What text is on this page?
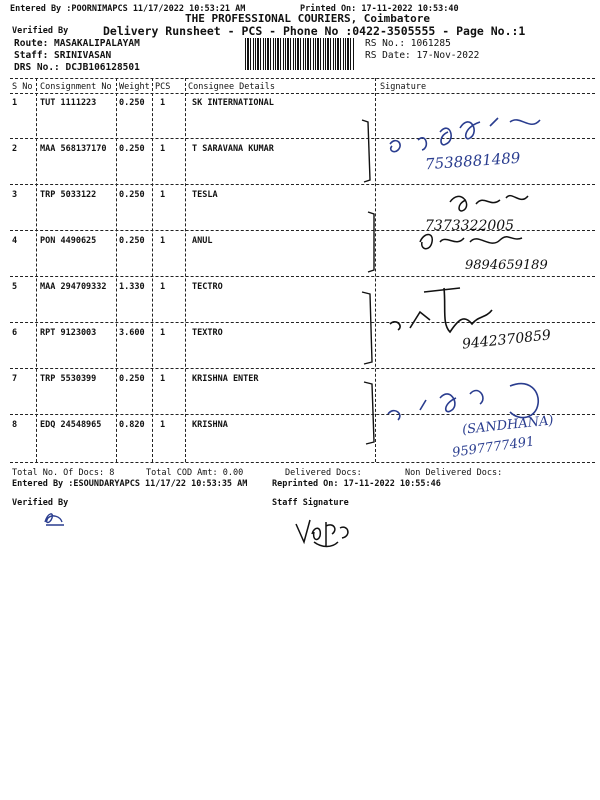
Entered By :POORNIMAPCS 11/17/2022 10:53:21 AM	Printed On: 17-11-2022 10:53:40
THE PROFESSIONAL COURIERS, Coimbatore
Verified By	Delivery Runsheet - PCS - Phone No :0422-3505555 - Page No.:1
Route: MASAKALIPALAYAM
Staff: SRINIVASAN
DRS No.: DCJB106128501
RS No.: 1061285
RS Date: 17-Nov-2022
S No Consignment No Weight PCS Consignee Details	Signature
1	TUT 1111223	0.250 1	SK INTERNATIONAL
2	MAA 568137170 0.250 1	T SARAVANA KUMAR
3	TRP 5033122	0.250 1	TESLA
4	PON 4490625	0.250 1	ANUL
5	MAA 294709332 1.330 1	TECTRO
6	RPT 9123003	3.600 1	TEXTRO
7	TRP 5530399	0.250 1	KRISHNA ENTER
8	EDQ 24548965 0.820 1	KRISHNA
Total No. Of Docs: 8	Total COD Amt: 0.00	Delivered Docs:	Non Delivered Docs:
Entered By :ESOUNDARYAPCS 11/17/22 10:53:35 AM	Reprinted On: 17-11-2022 10:55:46
Verified By	Staff Signature
7538881489
7373322005
9894659189
9442370859
(SANDHANA)
9597777491
